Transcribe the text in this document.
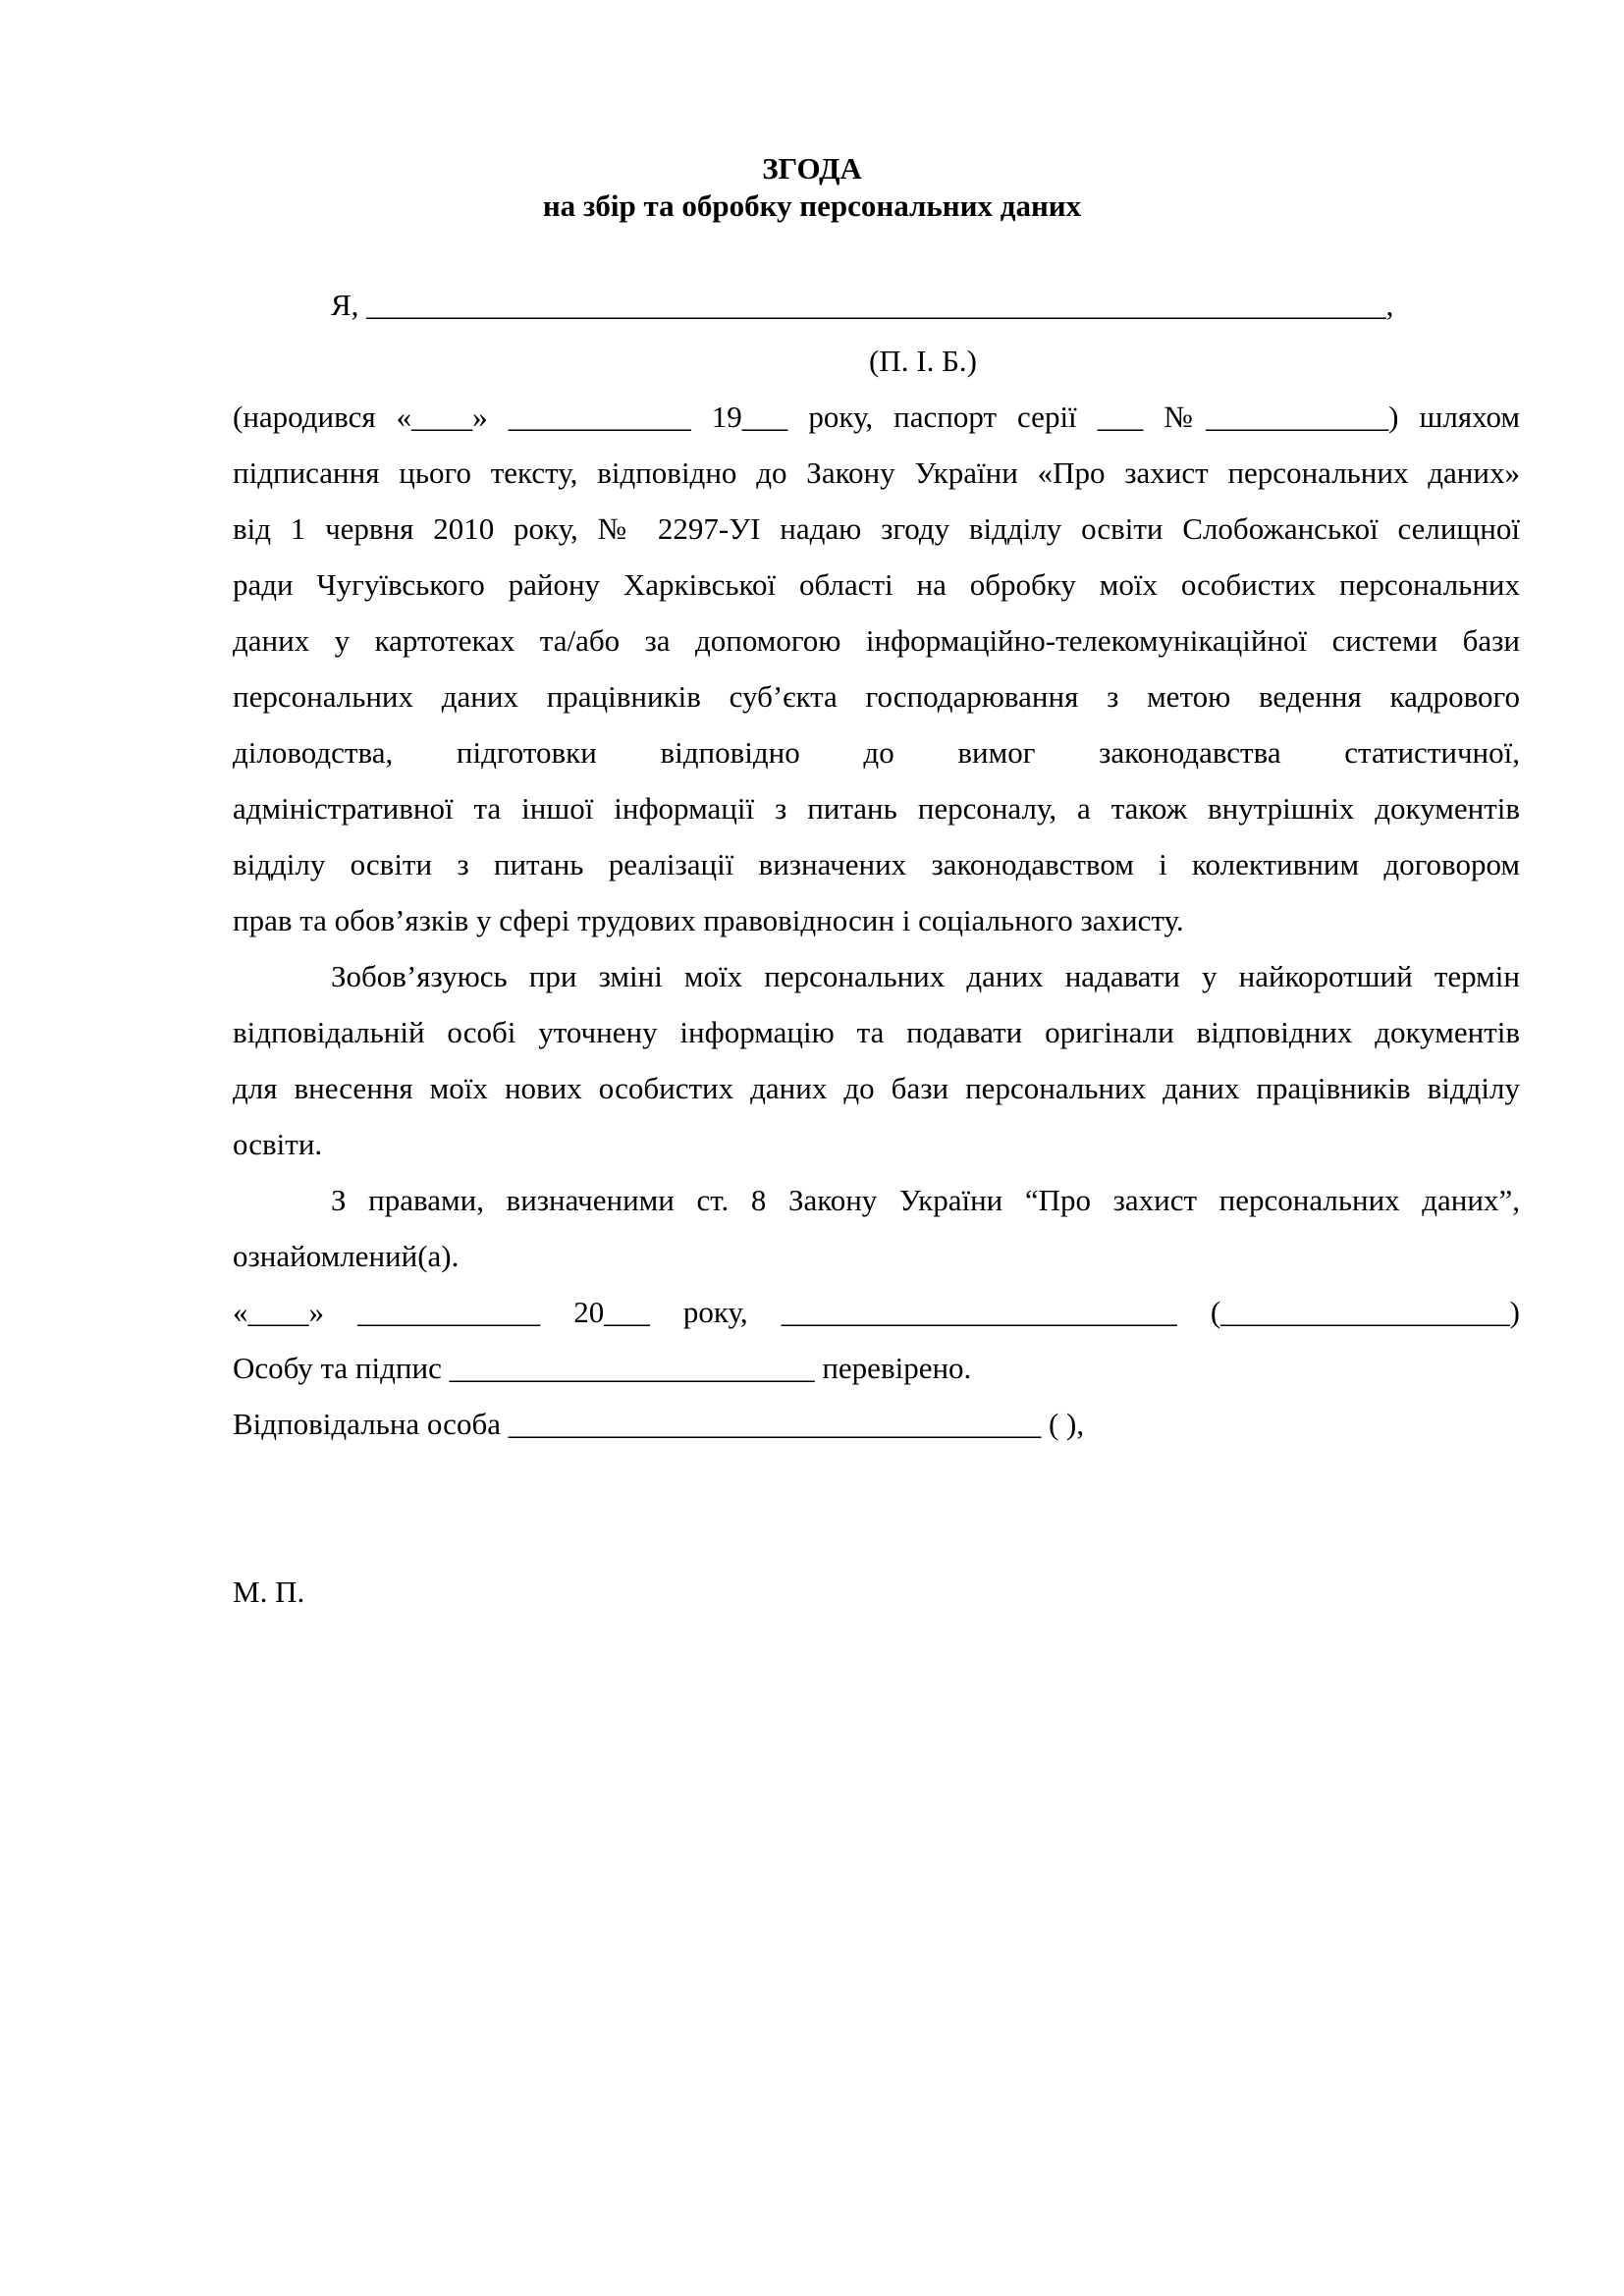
ЗГОДА
на збір та обробку персональних даних
Я, ___________________________________________________________________,
(П. І. Б.)
(народився «____» ____________ 19___ року, паспорт серії ___ №____________) шляхом
підписання цього тексту, відповідно до Закону України «Про захист персональних даних»
від 1 червня 2010 року, № 2297-УІ надаю згоду відділу освіти Слобожанської селищної
ради Чугуївського району Харківської області на обробку моїх особистих персональних
даних у картотеках та/або за допомогою інформаційно-телекомунікаційної системи бази
персональних даних працівників суб’єкта господарювання з метою ведення кадрового
діловодства, підготовки відповідно до вимог законодавства статистичної,
адміністративної та іншої інформації з питань персоналу, а також внутрішніх документів
відділу освіти з питань реалізації визначених законодавством і колективним договором
прав та обов’язків у сфері трудових правовідносин і соціального захисту.
Зобов’язуюсь при зміні моїх персональних даних надавати у найкоротший термін
відповідальній особі уточнену інформацію та подавати оригінали відповідних документів
для внесення моїх нових особистих даних до бази персональних даних працівників відділу
освіти.
З правами, визначеними ст. 8 Закону України “Про захист персональних даних”,
ознайомлений(а).
«____» ____________ 20___ року, __________________________ (___________________)
Особу та підпис ________________________ перевірено.
Відповідальна особа ___________________________________ ( ),
М. П.
